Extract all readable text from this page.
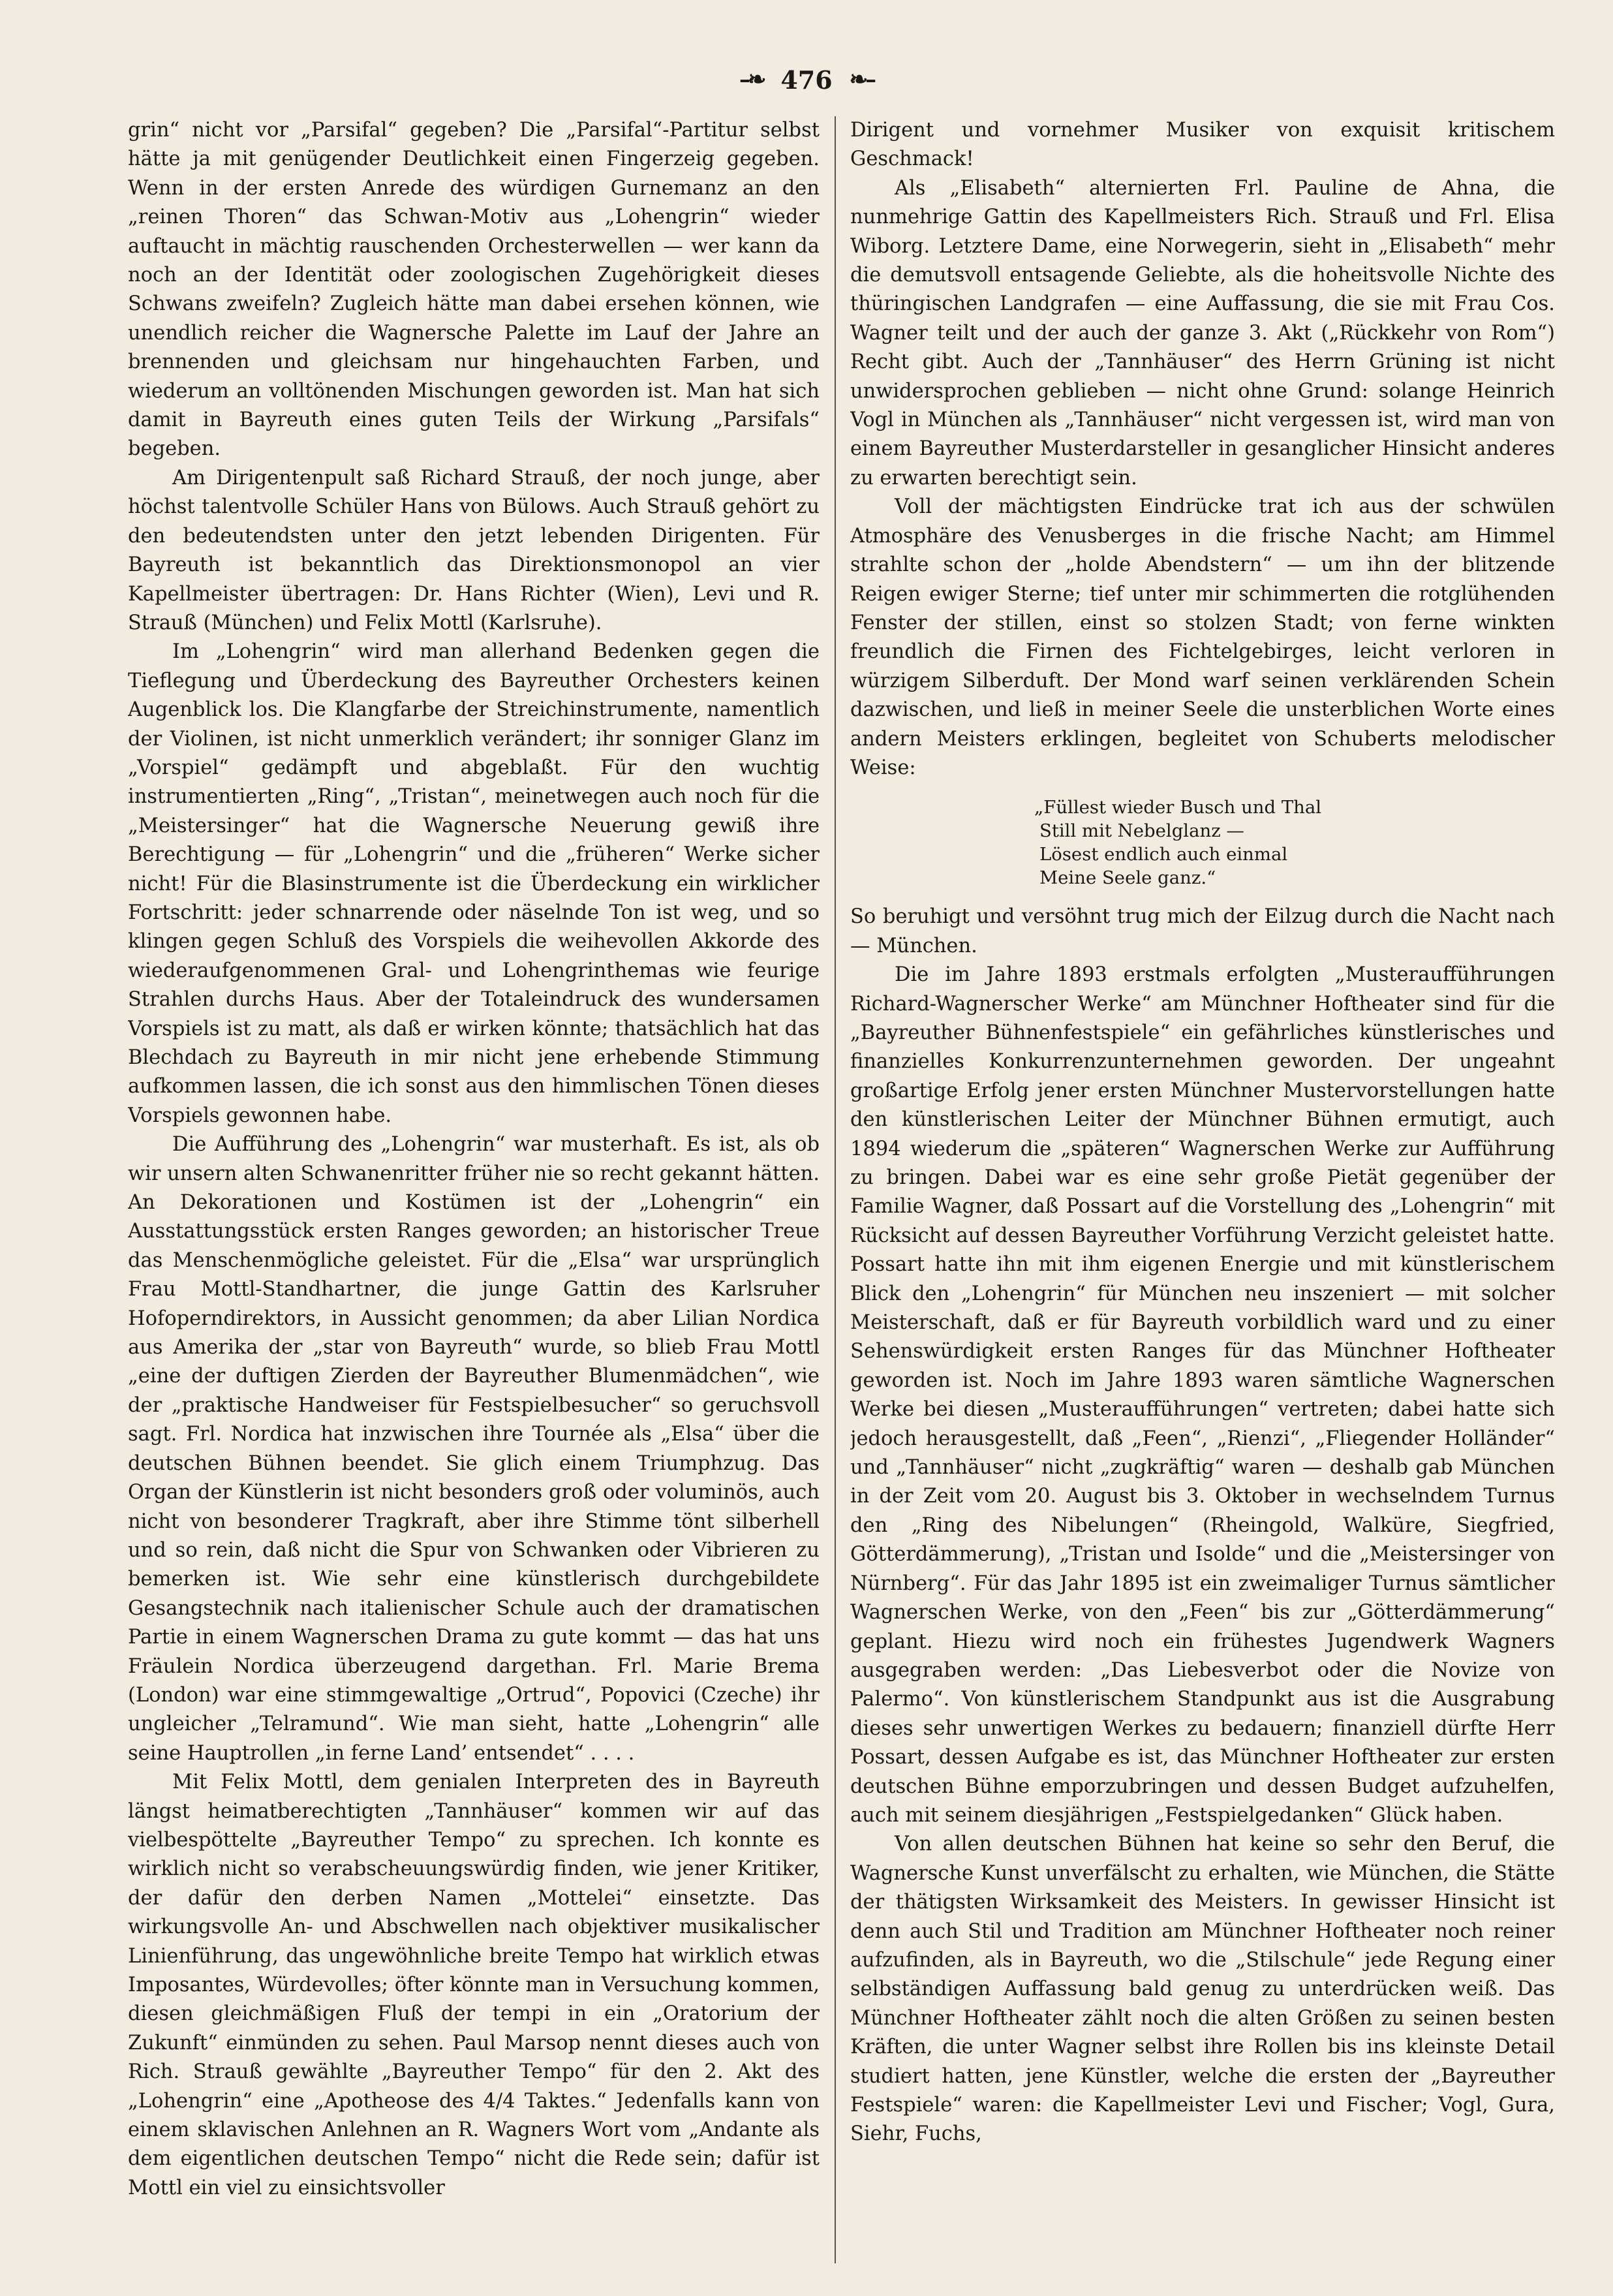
–❧ 476 ❧–

grin“ nicht vor „Parsifal“ gegeben? Die „Parsifal“-Partitur selbst hätte ja mit genügender Deutlichkeit einen Fingerzeig gegeben. Wenn in der ersten Anrede des würdigen Gurnemanz an den „reinen Thoren“ das Schwan-Motiv aus „Lohengrin“ wieder auftaucht in mächtig rauschenden Orchesterwellen — wer kann da noch an der Identität oder zoologischen Zugehörigkeit dieses Schwans zweifeln? Zugleich hätte man dabei ersehen können, wie unendlich reicher die Wagnersche Palette im Lauf der Jahre an brennenden und gleichsam nur hingehauchten Farben, und wiederum an volltönenden Mischungen geworden ist. Man hat sich damit in Bayreuth eines guten Teils der Wirkung „Parsifals“ begeben.

Am Dirigentenpult saß Richard Strauß, der noch junge, aber höchst talentvolle Schüler Hans von Bülows. Auch Strauß gehört zu den bedeutendsten unter den jetzt lebenden Dirigenten. Für Bayreuth ist bekanntlich das Direktionsmonopol an vier Kapellmeister übertragen: Dr. Hans Richter (Wien), Levi und R. Strauß (München) und Felix Mottl (Karlsruhe).

Im „Lohengrin“ wird man allerhand Bedenken gegen die Tieflegung und Überdeckung des Bayreuther Orchesters keinen Augenblick los. Die Klangfarbe der Streichinstrumente, namentlich der Violinen, ist nicht unmerklich verändert; ihr sonniger Glanz im „Vorspiel“ gedämpft und abgeblaßt. Für den wuchtig instrumentierten „Ring“, „Tristan“, meinetwegen auch noch für die „Meistersinger“ hat die Wagnersche Neuerung gewiß ihre Berechtigung — für „Lohengrin“ und die „früheren“ Werke sicher nicht! Für die Blasinstrumente ist die Überdeckung ein wirklicher Fortschritt: jeder schnarrende oder näselnde Ton ist weg, und so klingen gegen Schluß des Vorspiels die weihevollen Akkorde des wiederaufgenommenen Gral- und Lohengrinthemas wie feurige Strahlen durchs Haus. Aber der Totaleindruck des wundersamen Vorspiels ist zu matt, als daß er wirken könnte; thatsächlich hat das Blechdach zu Bayreuth in mir nicht jene erhebende Stimmung aufkommen lassen, die ich sonst aus den himmlischen Tönen dieses Vorspiels gewonnen habe.

Die Aufführung des „Lohengrin“ war musterhaft. Es ist, als ob wir unsern alten Schwanenritter früher nie so recht gekannt hätten. An Dekorationen und Kostümen ist der „Lohengrin“ ein Ausstattungsstück ersten Ranges geworden; an historischer Treue das Menschenmögliche geleistet. Für die „Elsa“ war ursprünglich Frau Mottl-Standhartner, die junge Gattin des Karlsruher Hofoperndirektors, in Aussicht genommen; da aber Lilian Nordica aus Amerika der „star von Bayreuth“ wurde, so blieb Frau Mottl „eine der duftigen Zierden der Bayreuther Blumenmädchen“, wie der „praktische Handweiser für Festspielbesucher“ so geruchsvoll sagt. Frl. Nordica hat inzwischen ihre Tournée als „Elsa“ über die deutschen Bühnen beendet. Sie glich einem Triumphzug. Das Organ der Künstlerin ist nicht besonders groß oder voluminös, auch nicht von besonderer Tragkraft, aber ihre Stimme tönt silberhell und so rein, daß nicht die Spur von Schwanken oder Vibrieren zu bemerken ist. Wie sehr eine künstlerisch durchgebildete Gesangstechnik nach italienischer Schule auch der dramatischen Partie in einem Wagnerschen Drama zu gute kommt — das hat uns Fräulein Nordica überzeugend dargethan. Frl. Marie Brema (London) war eine stimmgewaltige „Ortrud“, Popovici (Czeche) ihr ungleicher „Telramund“. Wie man sieht, hatte „Lohengrin“ alle seine Hauptrollen „in ferne Land’ entsendet“ . . . .

Mit Felix Mottl, dem genialen Interpreten des in Bayreuth längst heimatberechtigten „Tannhäuser“ kommen wir auf das vielbespöttelte „Bayreuther Tempo“ zu sprechen. Ich konnte es wirklich nicht so verabscheuungswürdig finden, wie jener Kritiker, der dafür den derben Namen „Mottelei“ einsetzte. Das wirkungsvolle An- und Abschwellen nach objektiver musikalischer Linienführung, das ungewöhnliche breite Tempo hat wirklich etwas Imposantes, Würdevolles; öfter könnte man in Versuchung kommen, diesen gleichmäßigen Fluß der tempi in ein „Oratorium der Zukunft“ einmünden zu sehen. Paul Marsop nennt dieses auch von Rich. Strauß gewählte „Bayreuther Tempo“ für den 2. Akt des „Lohengrin“ eine „Apotheose des 4/4 Taktes.“ Jedenfalls kann von einem sklavischen Anlehnen an R. Wagners Wort vom „Andante als dem eigentlichen deutschen Tempo“ nicht die Rede sein; dafür ist Mottl ein viel zu einsichtsvoller

Dirigent und vornehmer Musiker von exquisit kritischem Geschmack!

Als „Elisabeth“ alternierten Frl. Pauline de Ahna, die nunmehrige Gattin des Kapellmeisters Rich. Strauß und Frl. Elisa Wiborg. Letztere Dame, eine Norwegerin, sieht in „Elisabeth“ mehr die demutsvoll entsagende Geliebte, als die hoheitsvolle Nichte des thüringischen Landgrafen — eine Auffassung, die sie mit Frau Cos. Wagner teilt und der auch der ganze 3. Akt („Rückkehr von Rom“) Recht gibt. Auch der „Tannhäuser“ des Herrn Grüning ist nicht unwidersprochen geblieben — nicht ohne Grund: solange Heinrich Vogl in München als „Tannhäuser“ nicht vergessen ist, wird man von einem Bayreuther Musterdarsteller in gesanglicher Hinsicht anderes zu erwarten berechtigt sein.

Voll der mächtigsten Eindrücke trat ich aus der schwülen Atmosphäre des Venusberges in die frische Nacht; am Himmel strahlte schon der „holde Abendstern“ — um ihn der blitzende Reigen ewiger Sterne; tief unter mir schimmerten die rotglühenden Fenster der stillen, einst so stolzen Stadt; von ferne winkten freundlich die Firnen des Fichtelgebirges, leicht verloren in würzigem Silberduft. Der Mond warf seinen verklärenden Schein dazwischen, und ließ in meiner Seele die unsterblichen Worte eines andern Meisters erklingen, begleitet von Schuberts melodischer Weise:

„Füllest wieder Busch und Thal
Still mit Nebelglanz —
Lösest endlich auch einmal
Meine Seele ganz.“

So beruhigt und versöhnt trug mich der Eilzug durch die Nacht nach — München.

Die im Jahre 1893 erstmals erfolgten „Musteraufführungen Richard-Wagnerscher Werke“ am Münchner Hoftheater sind für die „Bayreuther Bühnenfestspiele“ ein gefährliches künstlerisches und finanzielles Konkurrenzunternehmen geworden. Der ungeahnt großartige Erfolg jener ersten Münchner Mustervorstellungen hatte den künstlerischen Leiter der Münchner Bühnen ermutigt, auch 1894 wiederum die „späteren“ Wagnerschen Werke zur Aufführung zu bringen. Dabei war es eine sehr große Pietät gegenüber der Familie Wagner, daß Possart auf die Vorstellung des „Lohengrin“ mit Rücksicht auf dessen Bayreuther Vorführung Verzicht geleistet hatte. Possart hatte ihn mit ihm eigenen Energie und mit künstlerischem Blick den „Lohengrin“ für München neu inszeniert — mit solcher Meisterschaft, daß er für Bayreuth vorbildlich ward und zu einer Sehenswürdigkeit ersten Ranges für das Münchner Hoftheater geworden ist. Noch im Jahre 1893 waren sämtliche Wagnerschen Werke bei diesen „Musteraufführungen“ vertreten; dabei hatte sich jedoch herausgestellt, daß „Feen“, „Rienzi“, „Fliegender Holländer“ und „Tannhäuser“ nicht „zugkräftig“ waren — deshalb gab München in der Zeit vom 20. August bis 3. Oktober in wechselndem Turnus den „Ring des Nibelungen“ (Rheingold, Walküre, Siegfried, Götterdämmerung), „Tristan und Isolde“ und die „Meistersinger von Nürnberg“. Für das Jahr 1895 ist ein zweimaliger Turnus sämtlicher Wagnerschen Werke, von den „Feen“ bis zur „Götterdämmerung“ geplant. Hiezu wird noch ein frühestes Jugendwerk Wagners ausgegraben werden: „Das Liebesverbot oder die Novize von Palermo“. Von künstlerischem Standpunkt aus ist die Ausgrabung dieses sehr unwertigen Werkes zu bedauern; finanziell dürfte Herr Possart, dessen Aufgabe es ist, das Münchner Hoftheater zur ersten deutschen Bühne emporzubringen und dessen Budget aufzuhelfen, auch mit seinem diesjährigen „Festspielgedanken“ Glück haben.

Von allen deutschen Bühnen hat keine so sehr den Beruf, die Wagnersche Kunst unverfälscht zu erhalten, wie München, die Stätte der thätigsten Wirksamkeit des Meisters. In gewisser Hinsicht ist denn auch Stil und Tradition am Münchner Hoftheater noch reiner aufzufinden, als in Bayreuth, wo die „Stilschule“ jede Regung einer selbständigen Auffassung bald genug zu unterdrücken weiß. Das Münchner Hoftheater zählt noch die alten Größen zu seinen besten Kräften, die unter Wagner selbst ihre Rollen bis ins kleinste Detail studiert hatten, jene Künstler, welche die ersten der „Bayreuther Festspiele“ waren: die Kapellmeister Levi und Fischer; Vogl, Gura, Siehr, Fuchs,
